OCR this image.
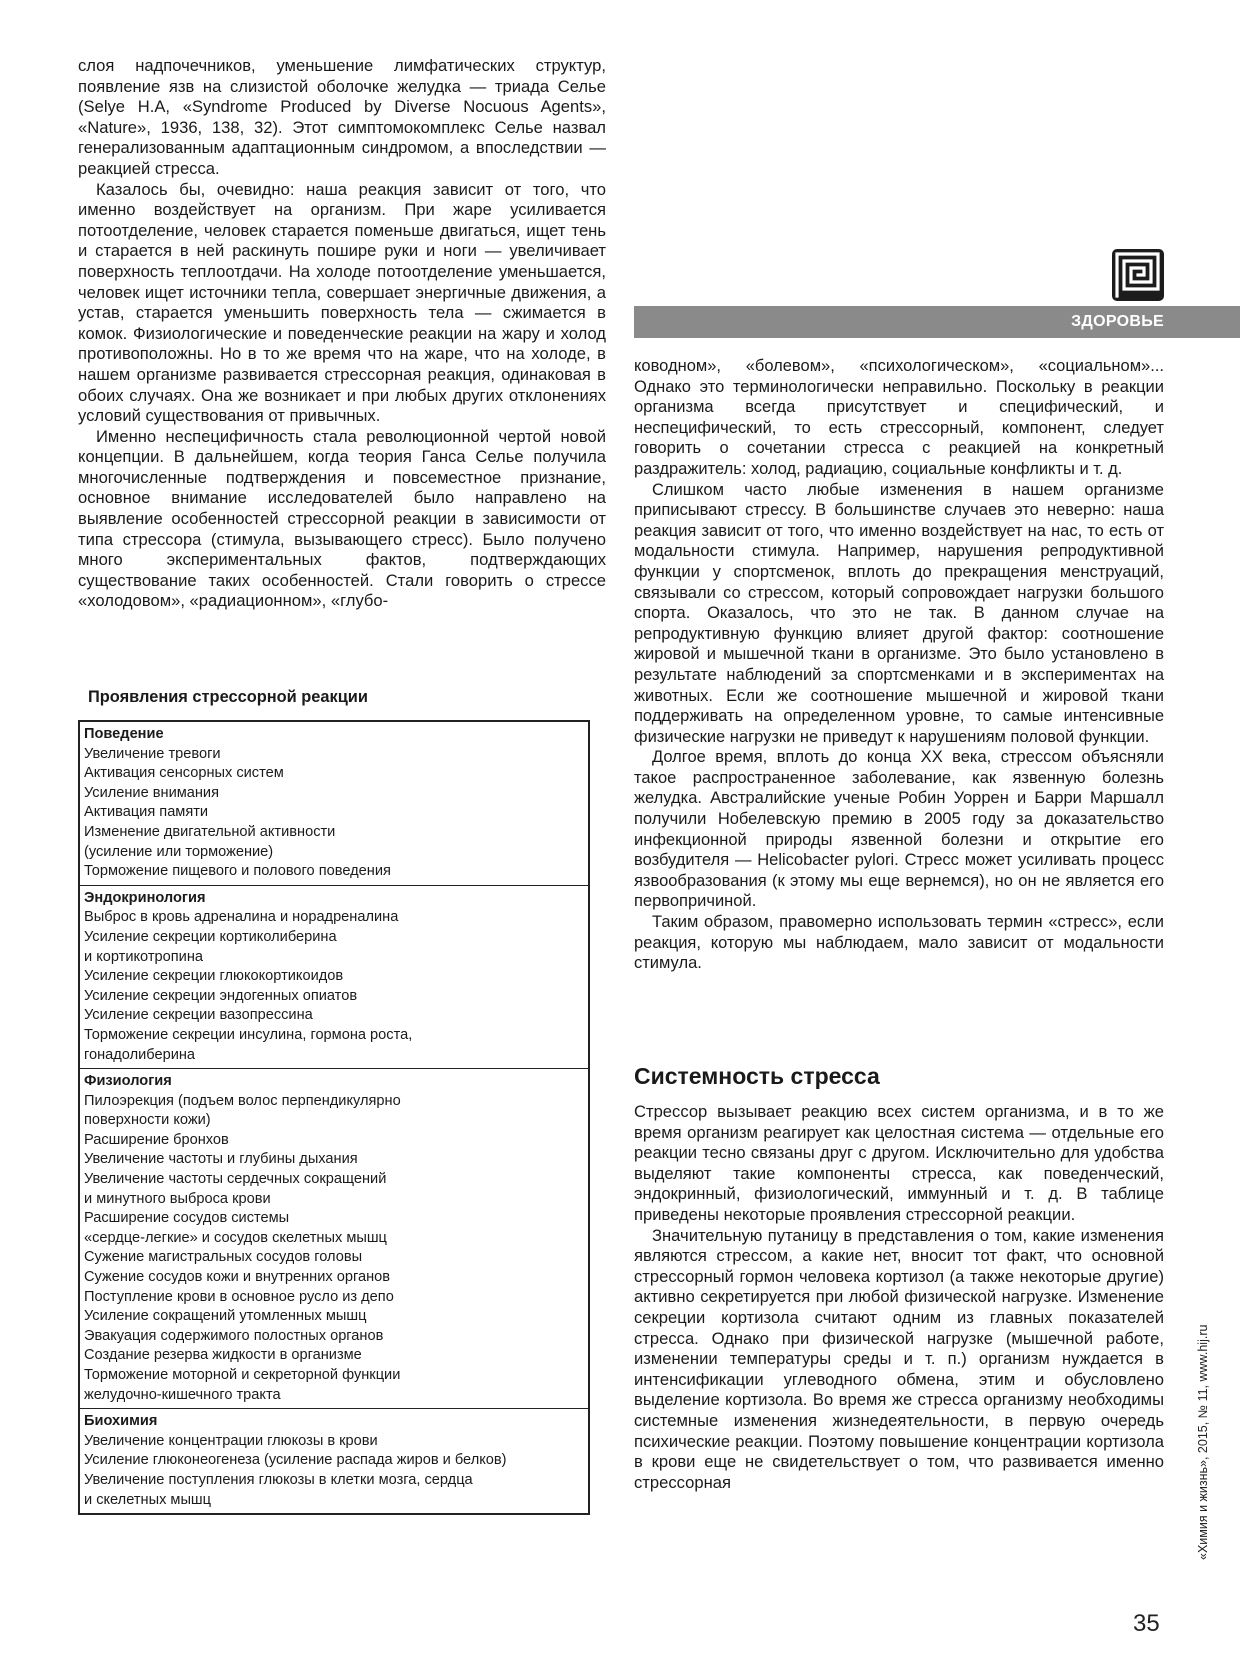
слоя надпочечников, уменьшение лимфатических структур, появление язв на слизистой оболочке желудка — триада Селье (Selye H.A, «Syndrome Produced by Diverse Nocuous Agents», «Nature», 1936, 138, 32). Этот симптомокомплекс Селье назвал генерализованным адаптационным синдромом, а впоследствии — реакцией стресса.

Казалось бы, очевидно: наша реакция зависит от того, что именно воздействует на организм. При жаре усиливается потоотделение, человек старается поменьше двигаться, ищет тень и старается в ней раскинуть пошире руки и ноги — увеличивает поверхность теплоотдачи. На холоде потоотделение уменьшается, человек ищет источники тепла, совершает энергичные движения, а устав, старается уменьшить поверхность тела — сжимается в комок. Физиологические и поведенческие реакции на жару и холод противоположны. Но в то же время что на жаре, что на холоде, в нашем организме развивается стрессорная реакция, одинаковая в обоих случаях. Она же возникает и при любых других отклонениях условий существования от привычных.

Именно неспецифичность стала революционной чертой новой концепции. В дальнейшем, когда теория Ганса Селье получила многочисленные подтверждения и повсеместное признание, основное внимание исследователей было направлено на выявление особенностей стрессорной реакции в зависимости от типа стрессора (стимула, вызывающего стресс). Было получено много экспериментальных фактов, подтверждающих существование таких особенностей. Стали говорить о стрессе «холодовом», «радиационном», «глубо-

Проявления стрессорной реакции
Поведение
Увеличение тревоги
Активация сенсорных систем
Усиление внимания
Активация памяти
Изменение двигательной активности
(усиление или торможение)
Торможение пищевого и полового поведения
Эндокринология
Выброс в кровь адреналина и норадреналина
Усиление секреции кортиколиберина
и кортикотропина
Усиление секреции глюкокортикоидов
Усиление секреции эндогенных опиатов
Усиление секреции вазопрессина
Торможение секреции инсулина, гормона роста,
гонадолиберина
Физиология
Пилоэрекция (подъем волос перпендикулярно
поверхности кожи)
Расширение бронхов
Увеличение частоты и глубины дыхания
Увеличение частоты сердечных сокращений
и минутного выброса крови
Расширение сосудов системы
«сердце-легкие» и сосудов скелетных мышц
Сужение магистральных сосудов головы
Сужение сосудов кожи и внутренних органов
Поступление крови в основное русло из депо
Усиление сокращений утомленных мышц
Эвакуация содержимого полостных органов
Создание резерва жидкости в организме
Торможение моторной и секреторной функции
желудочно-кишечного тракта
Биохимия
Увеличение концентрации глюкозы в крови
Усиление глюконеогенеза (усиление распада жиров и белков)
Увеличение поступления глюкозы в клетки мозга, сердца
и скелетных мышц
ЗДОРОВЬЕ

ководном», «болевом», «психологическом», «социальном»... Однако это терминологически неправильно. Поскольку в реакции организма всегда присутствует и специфический, и неспецифический, то есть стрессорный, компонент, следует говорить о сочетании стресса с реакцией на конкретный раздражитель: холод, радиацию, социальные конфликты и т. д.

Слишком часто любые изменения в нашем организме приписывают стрессу. В большинстве случаев это неверно: наша реакция зависит от того, что именно воздействует на нас, то есть от модальности стимула. Например, нарушения репродуктивной функции у спортсменок, вплоть до прекращения менструаций, связывали со стрессом, который сопровождает нагрузки большого спорта. Оказалось, что это не так. В данном случае на репродуктивную функцию влияет другой фактор: соотношение жировой и мышечной ткани в организме. Это было установлено в результате наблюдений за спортсменками и в экспериментах на животных. Если же соотношение мышечной и жировой ткани поддерживать на определенном уровне, то самые интенсивные физические нагрузки не приведут к нарушениям половой функции.

Долгое время, вплоть до конца XX века, стрессом объясняли такое распространенное заболевание, как язвенную болезнь желудка. Австралийские ученые Робин Уоррен и Барри Маршалл получили Нобелевскую премию в 2005 году за доказательство инфекционной природы язвенной болезни и открытие его возбудителя — Helicobacter pylori. Стресс может усиливать процесс язвообразования (к этому мы еще вернемся), но он не является его первопричиной.

Таким образом, правомерно использовать термин «стресс», если реакция, которую мы наблюдаем, мало зависит от модальности стимула.

Системность стресса

Стрессор вызывает реакцию всех систем организма, и в то же время организм реагирует как целостная система — отдельные его реакции тесно связаны друг с другом. Исключительно для удобства выделяют такие компоненты стресса, как поведенческий, эндокринный, физиологический, иммунный и т. д. В таблице приведены некоторые проявления стрессорной реакции.

Значительную путаницу в представления о том, какие изменения являются стрессом, а какие нет, вносит тот факт, что основной стрессорный гормон человека кортизол (а также некоторые другие) активно секретируется при любой физической нагрузке. Изменение секреции кортизола считают одним из главных показателей стресса. Однако при физической нагрузке (мышечной работе, изменении температуры среды и т. п.) организм нуждается в интенсификации углеводного обмена, этим и обусловлено выделение кортизола. Во время же стресса организму необходимы системные изменения жизнедеятельности, в первую очередь психические реакции. Поэтому повышение концентрации кортизола в крови еще не свидетельствует о том, что развивается именно стрессорная	«Химия и жизнь», 2015, № 11, www.hij.ru
35
